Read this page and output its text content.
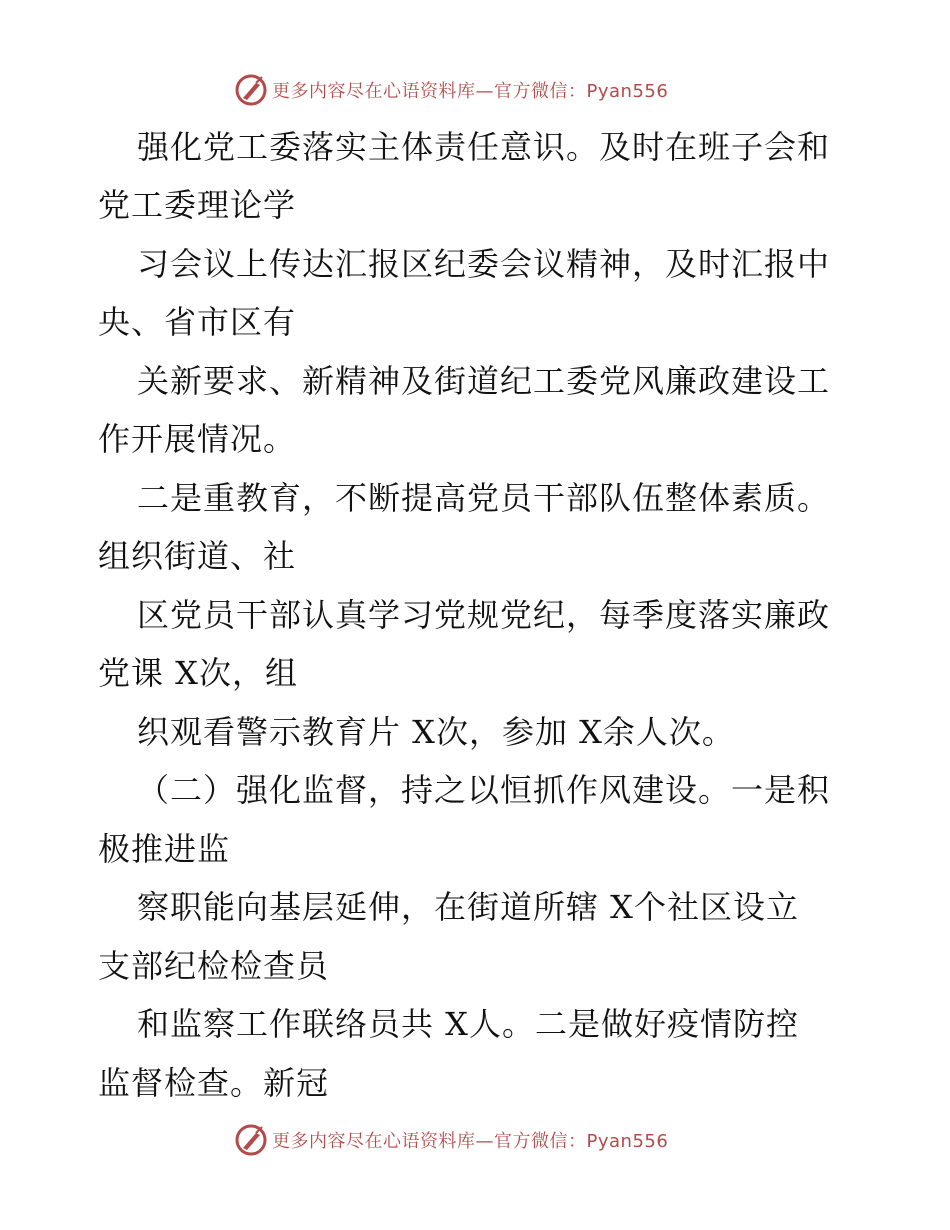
更多内容尽在心语资料库—官方微信：Pyan556
强化党工委落实主体责任意识。及时在班子会和
党工委理论学
习会议上传达汇报区纪委会议精神，及时汇报中
央、省市区有
关新要求、新精神及街道纪工委党风廉政建设工
作开展情况。
二是重教育，不断提高党员干部队伍整体素质。
组织街道、社
区党员干部认真学习党规党纪，每季度落实廉政
党课 X次，组
织观看警示教育片 X次，参加 X余人次。
（二）强化监督，持之以恒抓作风建设。一是积
极推进监
察职能向基层延伸，在街道所辖 X个社区设立
支部纪检检查员
和监察工作联络员共 X人。二是做好疫情防控
监督检查。新冠
更多内容尽在心语资料库—官方微信：Pyan556
